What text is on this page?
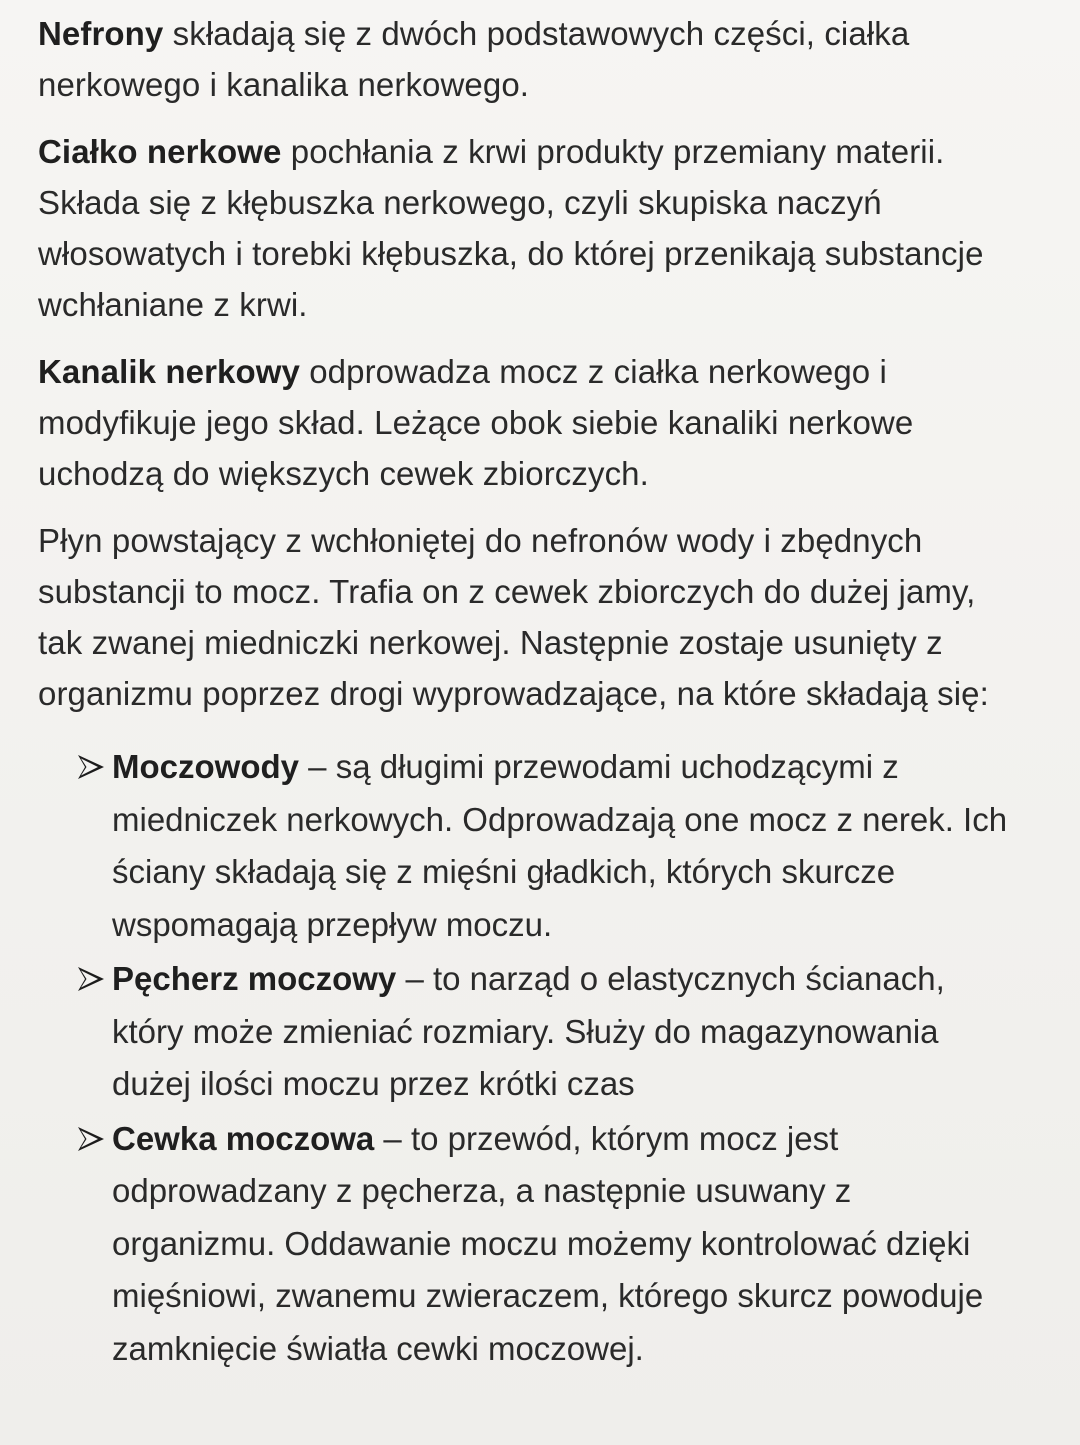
Nefrony składają się z dwóch podstawowych części, ciałka nerkowego i kanalika nerkowego.

Ciałko nerkowe pochłania z krwi produkty przemiany materii. Składa się z kłębuszka nerkowego, czyli skupiska naczyń włosowatych i torebki kłębuszka, do której przenikają substancje wchłaniane z krwi.

Kanalik nerkowy odprowadza mocz z ciałka nerkowego i modyfikuje jego skład. Leżące obok siebie kanaliki nerkowe uchodzą do większych cewek zbiorczych.

Płyn powstający z wchłoniętej do nefronów wody i zbędnych substancji to mocz. Trafia on z cewek zbiorczych do dużej jamy, tak zwanej miedniczki nerkowej. Następnie zostaje usunięty z organizmu poprzez drogi wyprowadzające, na które składają się:

Moczowody – są długimi przewodami uchodzącymi z miedniczek nerkowych. Odprowadzają one mocz z nerek. Ich ściany składają się z mięśni gładkich, których skurcze wspomagają przepływ moczu.
Pęcherz moczowy – to narząd o elastycznych ścianach, który może zmieniać rozmiary. Służy do magazynowania dużej ilości moczu przez krótki czas
Cewka moczowa – to przewód, którym mocz jest odprowadzany z pęcherza, a następnie usuwany z organizmu. Oddawanie moczu możemy kontrolować dzięki mięśniowi, zwanemu zwieraczem, którego skurcz powoduje zamknięcie światła cewki moczowej.
